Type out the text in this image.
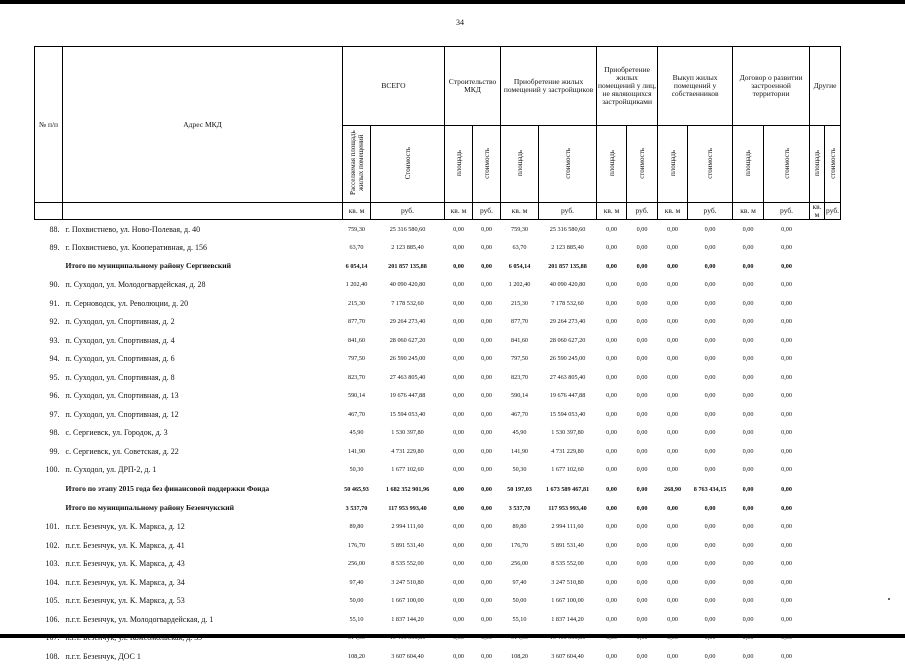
34
№ п/п	Адрес МКД	ВСЕГО		Строительство МКД		Приобретение жилых помещений у застройщиков		Приобретение жилых помещений у лиц, не являющихся застройщиками		Выкуп жилых помещений у собственников		Договор о развитии застроенной территории		Другие	
		Расселяемая площадь жилых помещений	Стоимость	площадь	стоимость	площадь	стоимость	площадь	стоимость	площадь	стоимость	площадь	стоимость	площадь	стоимость
		кв. м	руб.	кв. м	руб.	кв. м	руб.	кв. м	руб.	кв. м	руб.	кв. м	руб.	кв. м	руб.
88.	г. Похвистнево, ул. Ново-Полевая, д. 40	759,30	25 316 580,60	0,00	0,00	759,30	25 316 580,60	0,00	0,00	0,00	0,00	0,00	0,00		
89.	г. Похвистнево, ул. Кооперативная, д. 156	63,70	2 123 885,40	0,00	0,00	63,70	2 123 885,40	0,00	0,00	0,00	0,00	0,00	0,00		
	Итого по муниципальному району Сергиевский	6 054,14	201 857 135,88	0,00	0,00	6 054,14	201 857 135,88	0,00	0,00	0,00	0,00	0,00	0,00		
90.	п. Суходол, ул. Молодогвардейская, д. 28	1 202,40	40 090 420,80	0,00	0,00	1 202,40	40 090 420,80	0,00	0,00	0,00	0,00	0,00	0,00		
91.	п. Серноводск, ул. Революции, д. 20	215,30	7 178 532,60	0,00	0,00	215,30	7 178 532,60	0,00	0,00	0,00	0,00	0,00	0,00		
92.	п. Суходол, ул. Спортивная, д. 2	877,70	29 264 273,40	0,00	0,00	877,70	29 264 273,40	0,00	0,00	0,00	0,00	0,00	0,00		
93.	п. Суходол, ул. Спортивная, д. 4	841,60	28 060 627,20	0,00	0,00	841,60	28 060 627,20	0,00	0,00	0,00	0,00	0,00	0,00		
94.	п. Суходол, ул. Спортивная, д. 6	797,50	26 590 245,00	0,00	0,00	797,50	26 590 245,00	0,00	0,00	0,00	0,00	0,00	0,00		
95.	п. Суходол, ул. Спортивная, д. 8	823,70	27 463 805,40	0,00	0,00	823,70	27 463 805,40	0,00	0,00	0,00	0,00	0,00	0,00		
96.	п. Суходол, ул. Спортивная, д. 13	590,14	19 676 447,88	0,00	0,00	590,14	19 676 447,88	0,00	0,00	0,00	0,00	0,00	0,00		
97.	п. Суходол, ул. Спортивная, д. 12	467,70	15 594 053,40	0,00	0,00	467,70	15 594 053,40	0,00	0,00	0,00	0,00	0,00	0,00		
98.	с. Сергиевск, ул. Городок, д. 3	45,90	1 530 397,80	0,00	0,00	45,90	1 530 397,80	0,00	0,00	0,00	0,00	0,00	0,00		
99.	с. Сергиевск, ул. Советская, д. 22	141,90	4 731 229,80	0,00	0,00	141,90	4 731 229,80	0,00	0,00	0,00	0,00	0,00	0,00		
100.	п. Суходол, ул. ДРП-2, д. 1	50,30	1 677 102,60	0,00	0,00	50,30	1 677 102,60	0,00	0,00	0,00	0,00	0,00	0,00		
	Итого по этапу 2015 года без финансовой поддержки Фонда	50 465,93	1 682 352 901,96	0,00	0,00	50 197,03	1 673 589 467,81	0,00	0,00	268,90	8 763 434,15	0,00	0,00		
	Итого по муниципальному району Безенчукский	3 537,70	117 953 993,40	0,00	0,00	3 537,70	117 953 993,40	0,00	0,00	0,00	0,00	0,00	0,00		
101.	п.г.т. Безенчук, ул. К. Маркса, д. 12	89,80	2 994 111,60	0,00	0,00	89,80	2 994 111,60	0,00	0,00	0,00	0,00	0,00	0,00		
102.	п.г.т. Безенчук, ул. К. Маркса, д. 41	176,70	5 891 531,40	0,00	0,00	176,70	5 891 531,40	0,00	0,00	0,00	0,00	0,00	0,00		
103.	п.г.т. Безенчук, ул. К. Маркса, д. 43	256,00	8 535 552,00	0,00	0,00	256,00	8 535 552,00	0,00	0,00	0,00	0,00	0,00	0,00		
104.	п.г.т. Безенчук, ул. К. Маркса, д. 34	97,40	3 247 510,80	0,00	0,00	97,40	3 247 510,80	0,00	0,00	0,00	0,00	0,00	0,00		
105.	п.г.т. Безенчук, ул. К. Маркса, д. 53	50,00	1 667 100,00	0,00	0,00	50,00	1 667 100,00	0,00	0,00	0,00	0,00	0,00	0,00		
106.	п.г.т. Безенчук, ул. Молодогвардейская, д. 1	55,10	1 837 144,20	0,00	0,00	55,10	1 837 144,20	0,00	0,00	0,00	0,00	0,00	0,00		

108.	п.г.т. Безенчук, ДОС 1	108,20	3 607 604,40	0,00	0,00	108,20	3 607 604,40	0,00	0,00	0,00	0,00	0,00	0,00		
